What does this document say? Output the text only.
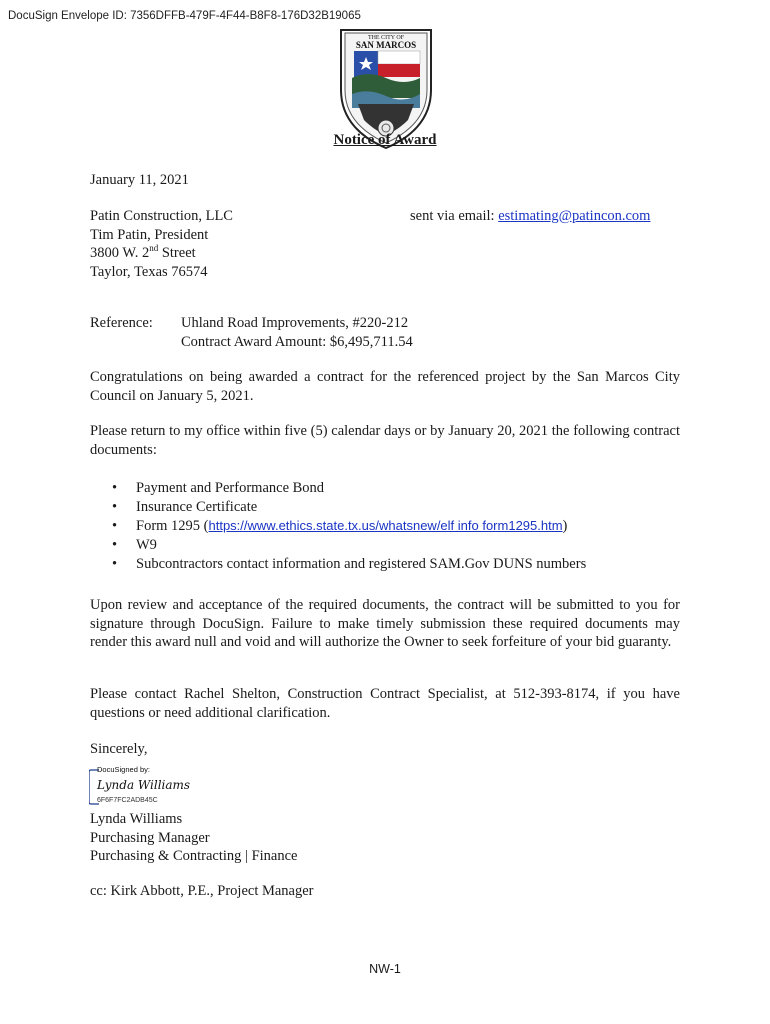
DocuSign Envelope ID: 7356DFFB-479F-4F44-B8F8-176D32B19065
THE CITY OF
SAN MARCOS
Notice of Award
January 11, 2021
Patin Construction, LLC
Tim Patin, President
3800 W. 2nd Street
Taylor, Texas 76574
sent via email: estimating@patincon.com
Reference: Uhland Road Improvements, #220-212
Contract Award Amount: $6,495,711.54
Congratulations on being awarded a contract for the referenced project by the San Marcos City Council on January 5, 2021.
Please return to my office within five (5) calendar days or by January 20, 2021 the following contract documents:
• Payment and Performance Bond
• Insurance Certificate
• Form 1295 (https://www.ethics.state.tx.us/whatsnew/elf info form1295.htm)
• W9
• Subcontractors contact information and registered SAM.Gov DUNS numbers
Upon review and acceptance of the required documents, the contract will be submitted to you for signature through DocuSign. Failure to make timely submission these required documents may render this award null and void and will authorize the Owner to seek forfeiture of your bid guaranty.
Please contact Rachel Shelton, Construction Contract Specialist, at 512-393-8174, if you have questions or need additional clarification.
Sincerely,
DocuSigned by:
Lynda Williams
6F6F7FC2ADB45C
Lynda Williams
Purchasing Manager
Purchasing & Contracting | Finance
cc: Kirk Abbott, P.E., Project Manager
NW-1
